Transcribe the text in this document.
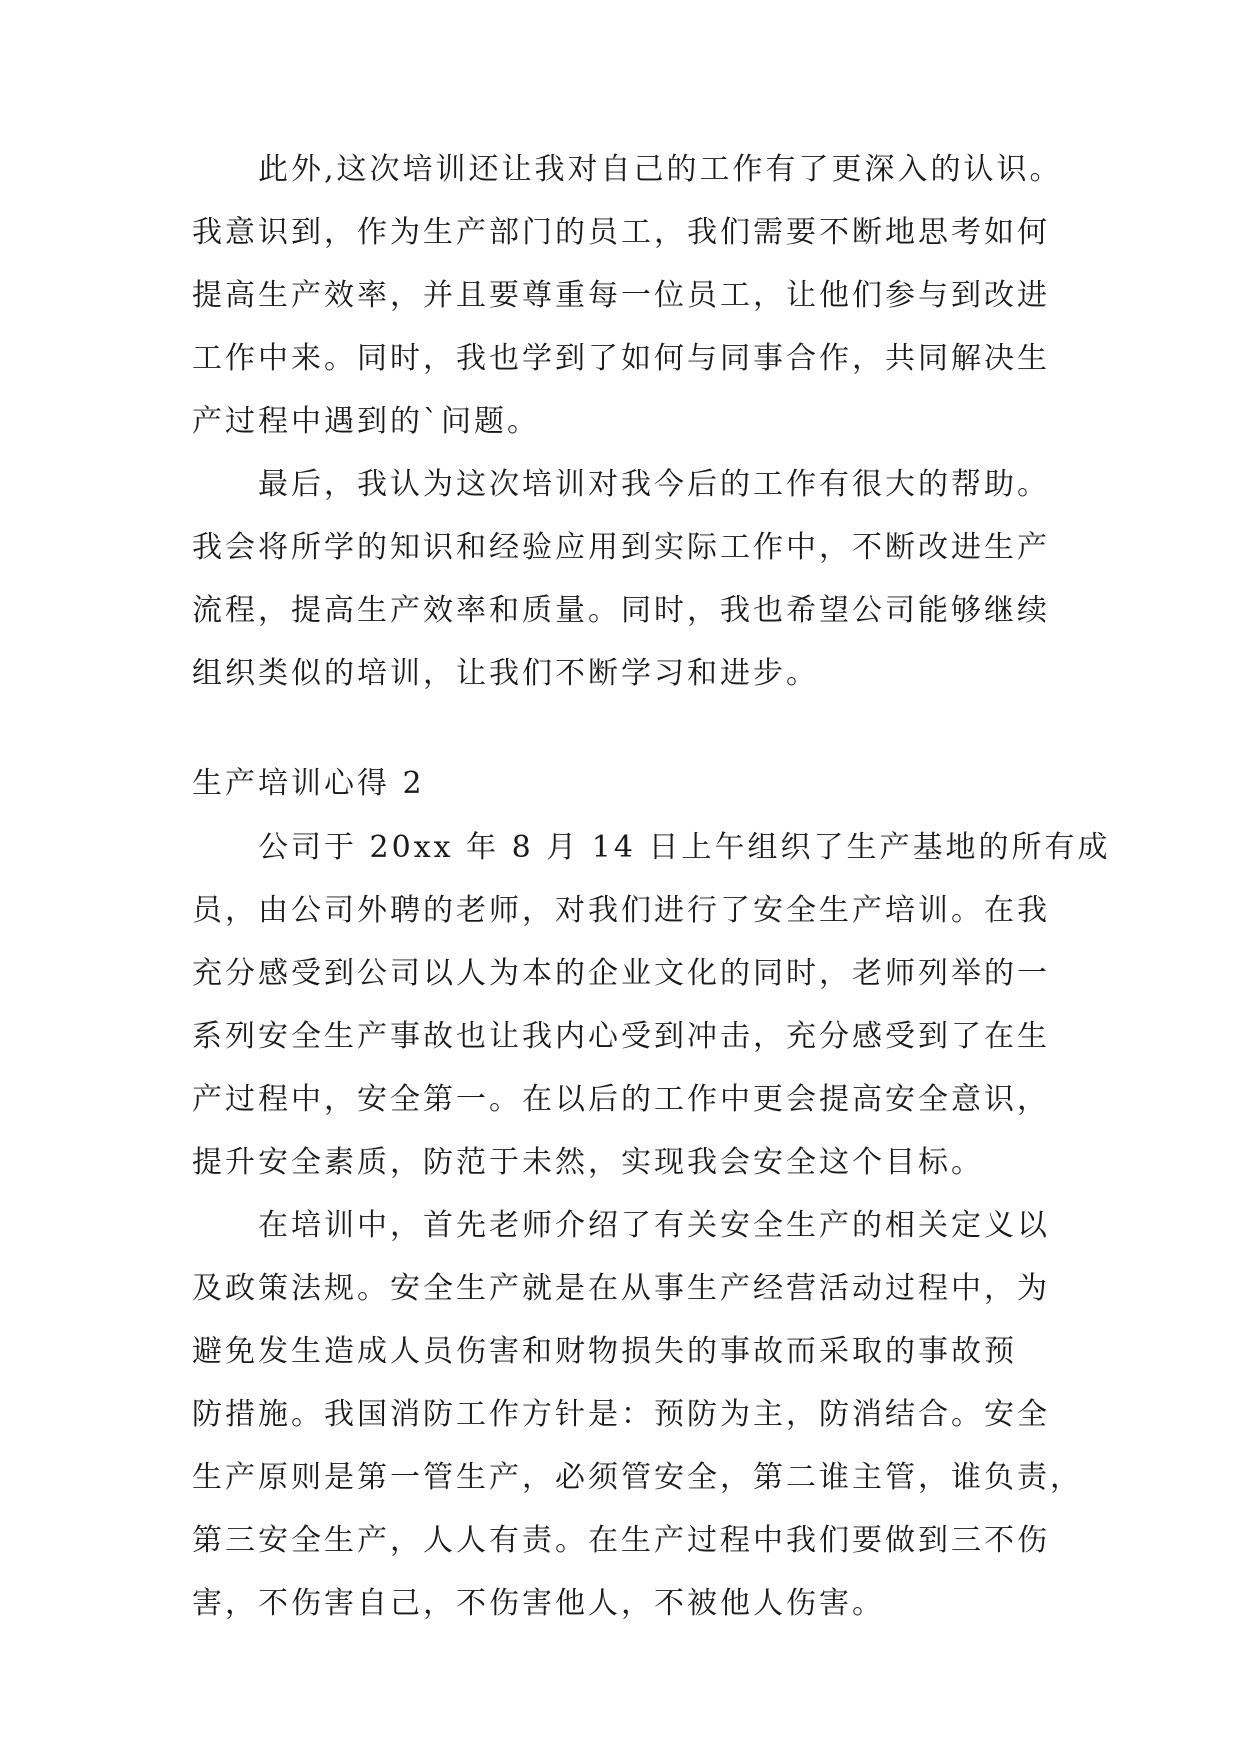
此外,这次培训还让我对自己的工作有了更深入的认识。
我意识到，作为生产部门的员工，我们需要不断地思考如何
提高生产效率，并且要尊重每一位员工，让他们参与到改进
工作中来。同时，我也学到了如何与同事合作，共同解决生
产过程中遇到的`问题。
最后，我认为这次培训对我今后的工作有很大的帮助。
我会将所学的知识和经验应用到实际工作中，不断改进生产
流程，提高生产效率和质量。同时，我也希望公司能够继续
组织类似的培训，让我们不断学习和进步。
生产培训心得 2
公司于 20xx 年 8 月 14 日上午组织了生产基地的所有成
员，由公司外聘的老师，对我们进行了安全生产培训。在我
充分感受到公司以人为本的企业文化的同时，老师列举的一
系列安全生产事故也让我内心受到冲击，充分感受到了在生
产过程中，安全第一。在以后的工作中更会提高安全意识，
提升安全素质，防范于未然，实现我会安全这个目标。
在培训中，首先老师介绍了有关安全生产的相关定义以
及政策法规。安全生产就是在从事生产经营活动过程中，为
避免发生造成人员伤害和财物损失的事故而采取的事故预
防措施。我国消防工作方针是：预防为主，防消结合。安全
生产原则是第一管生产，必须管安全，第二谁主管，谁负责，
第三安全生产，人人有责。在生产过程中我们要做到三不伤
害，不伤害自己，不伤害他人，不被他人伤害。
